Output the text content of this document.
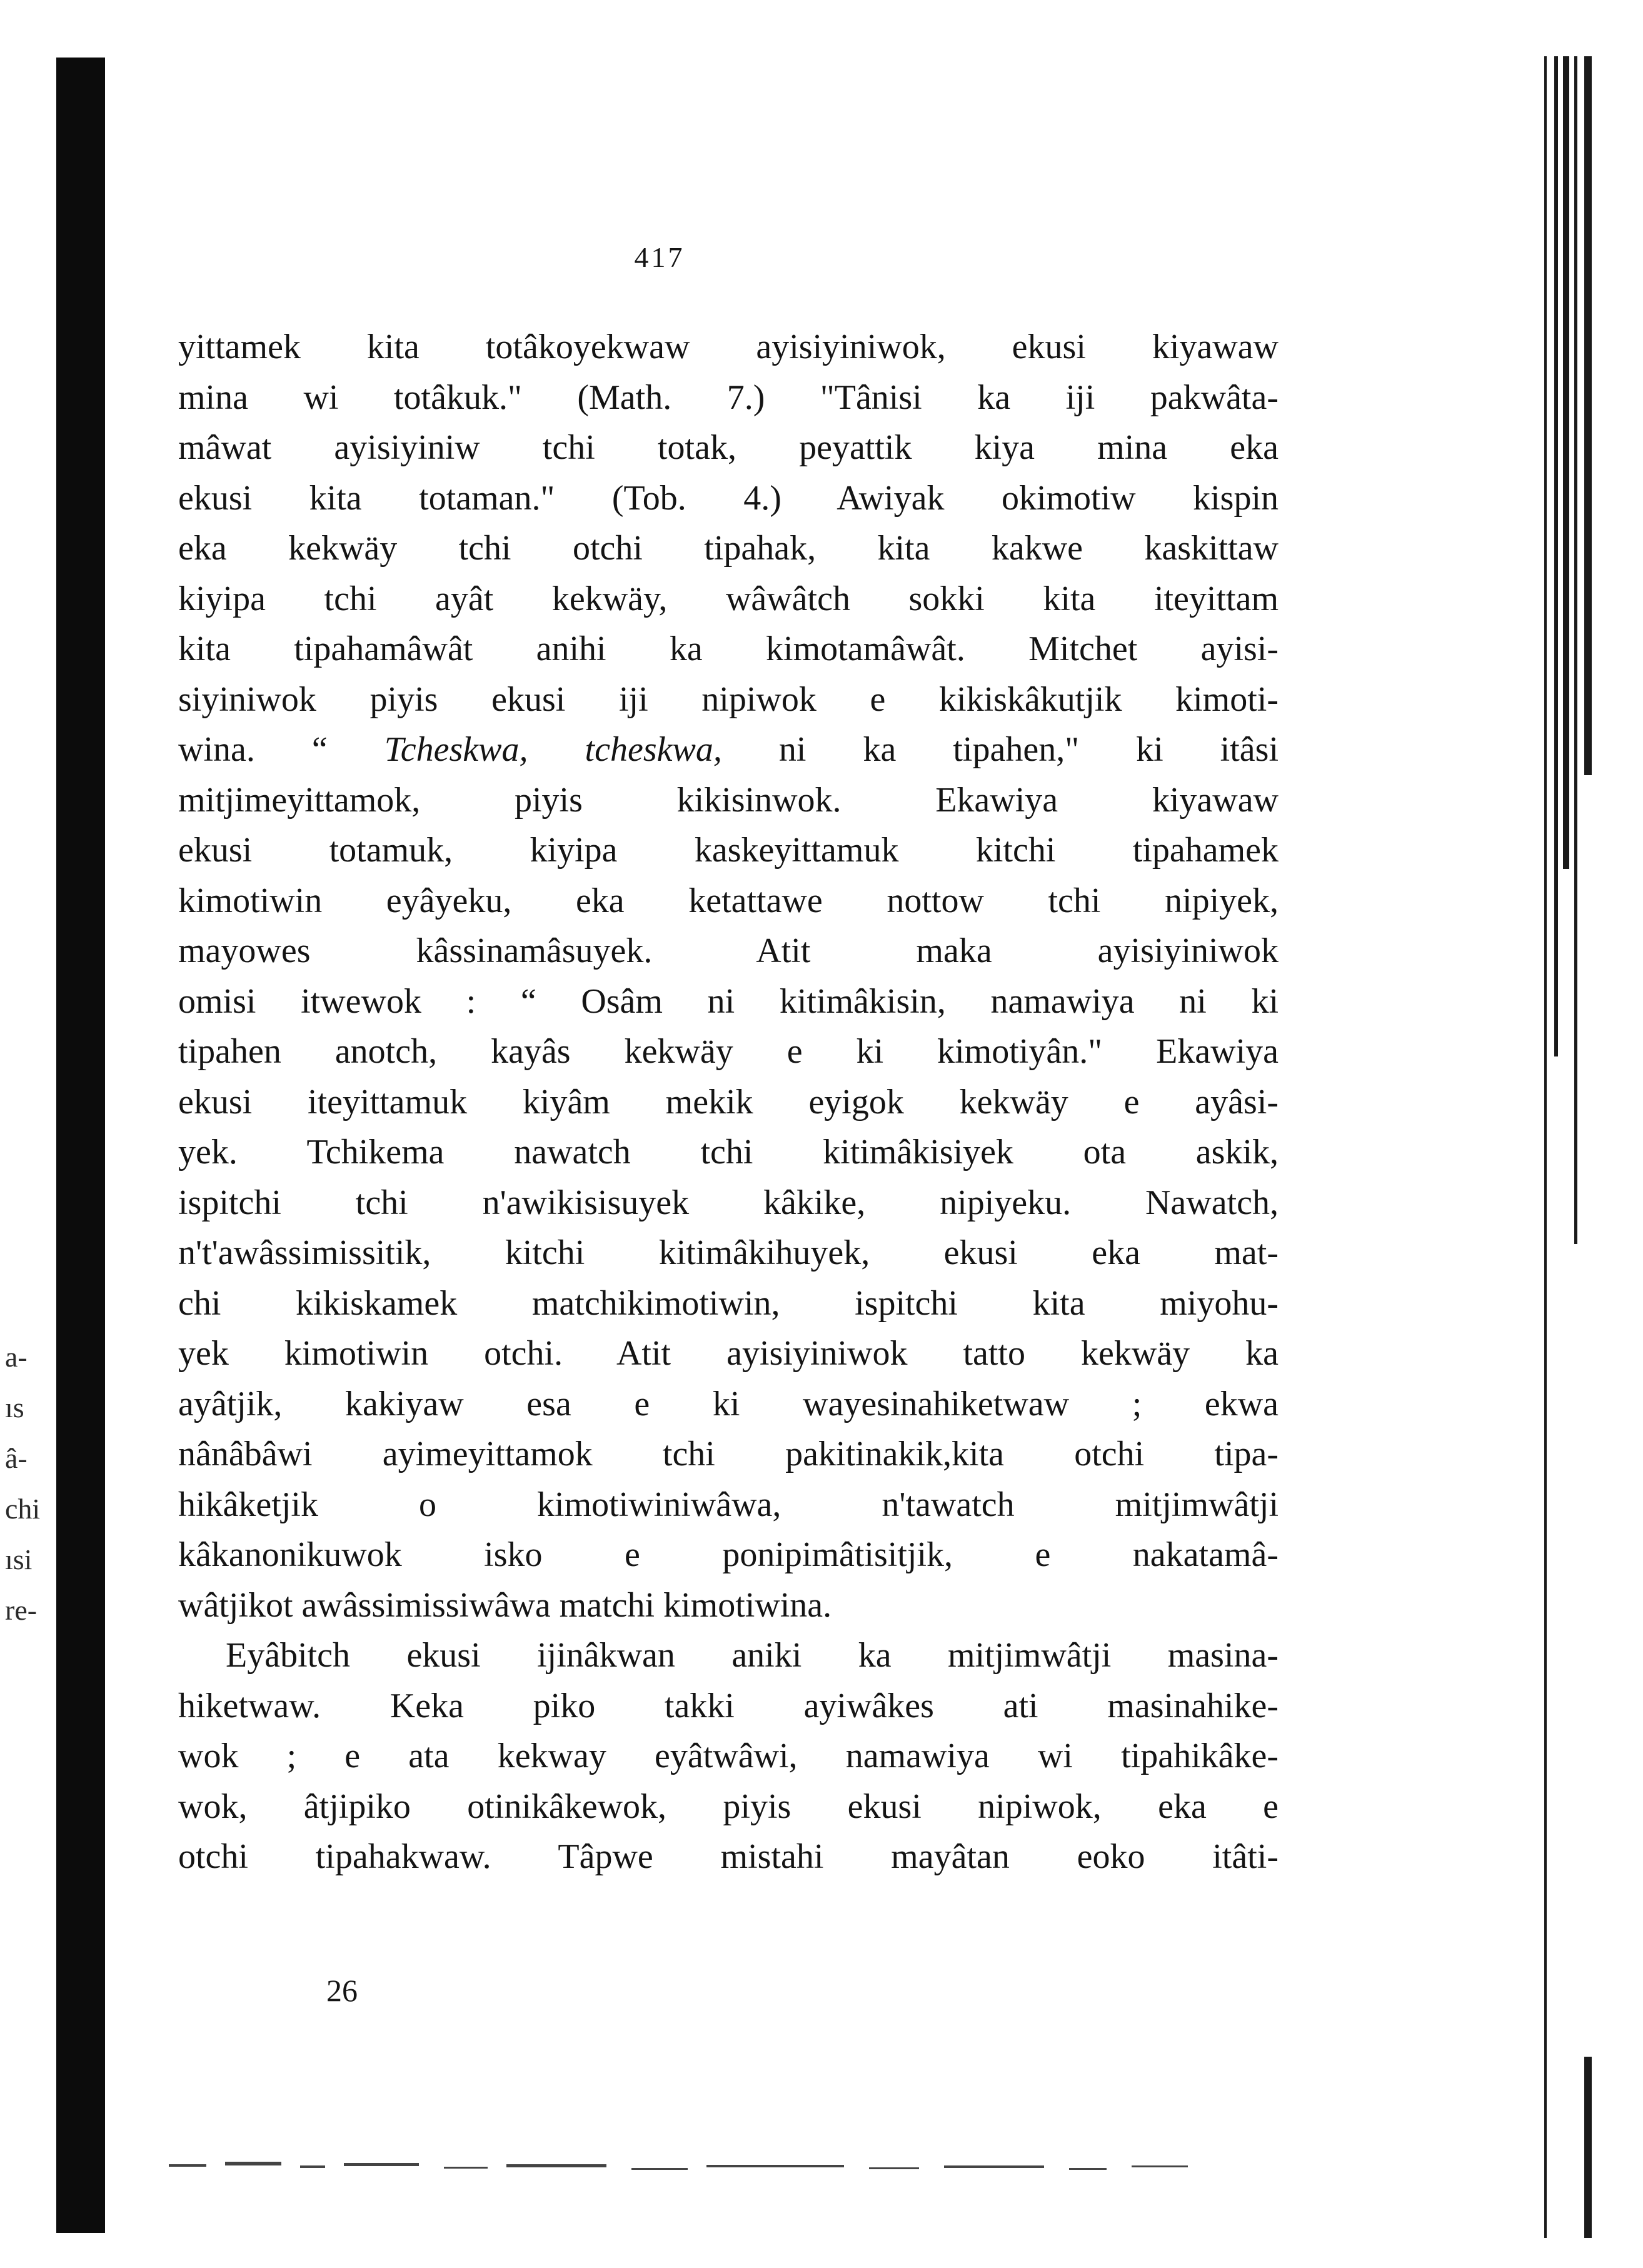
417
yittamek kita totâkoyekwaw ayisiyiniwok, ekusi kiyawaw
mina wi totâkuk." (Math. 7.) "Tânisi ka iji pakwâta-
mâwat ayisiyiniw tchi totak, peyattik kiya mina eka
ekusi kita totaman." (Tob. 4.) Awiyak okimotiw kispin
eka kekwäy tchi otchi tipahak, kita kakwe kaskittaw
kiyipa tchi ayât kekwäy, wâwâtch sokki kita iteyittam
kita tipahamâwât anihi ka kimotamâwât. Mitchet ayisi-
siyiniwok piyis ekusi iji nipiwok e kikiskâkutjik kimoti-
wina. “ Tcheskwa, tcheskwa, ni ka tipahen," ki itâsi
mitjimeyittamok, piyis kikisinwok. Ekawiya kiyawaw
ekusi totamuk, kiyipa kaskeyittamuk kitchi tipahamek
kimotiwin eyâyeku, eka ketattawe nottow tchi nipiyek,
mayowes kâssinamâsuyek. Atit maka ayisiyiniwok
omisi itwewok : “ Osâm ni kitimâkisin, namawiya ni ki
tipahen anotch, kayâs kekwäy e ki kimotiyân." Ekawiya
ekusi iteyittamuk kiyâm mekik eyigok kekwäy e ayâsi-
yek. Tchikema nawatch tchi kitimâkisiyek ota askik,
ispitchi tchi n'awikisisuyek kâkike, nipiyeku. Nawatch,
n't'awâssimissitik, kitchi kitimâkihuyek, ekusi eka mat-
chi kikiskamek matchikimotiwin, ispitchi kita miyohu-
yek kimotiwin otchi. Atit ayisiyiniwok tatto kekwäy ka
ayâtjik, kakiyaw esa e ki wayesinahiketwaw ; ekwa
nânâbâwi ayimeyittamok tchi pakitinakik,kita otchi tipa-
hikâketjik o kimotiwiniwâwa, n'tawatch mitjimwâtji
kâkanonikuwok isko e ponipimâtisitjik, e nakatamâ-
wâtjikot awâssimissiwâwa matchi kimotiwina.
Eyâbitch ekusi ijinâkwan aniki ka mitjimwâtji masina-
hiketwaw. Keka piko takki ayiwâkes ati masinahike-
wok ; e ata kekway eyâtwâwi, namawiya wi tipahikâke-
wok, âtjipiko otinikâkewok, piyis ekusi nipiwok, eka e
otchi tipahakwaw. Tâpwe mistahi mayâtan eoko itâti-
26
a-
ıs
â-
chi
ısi
re-
